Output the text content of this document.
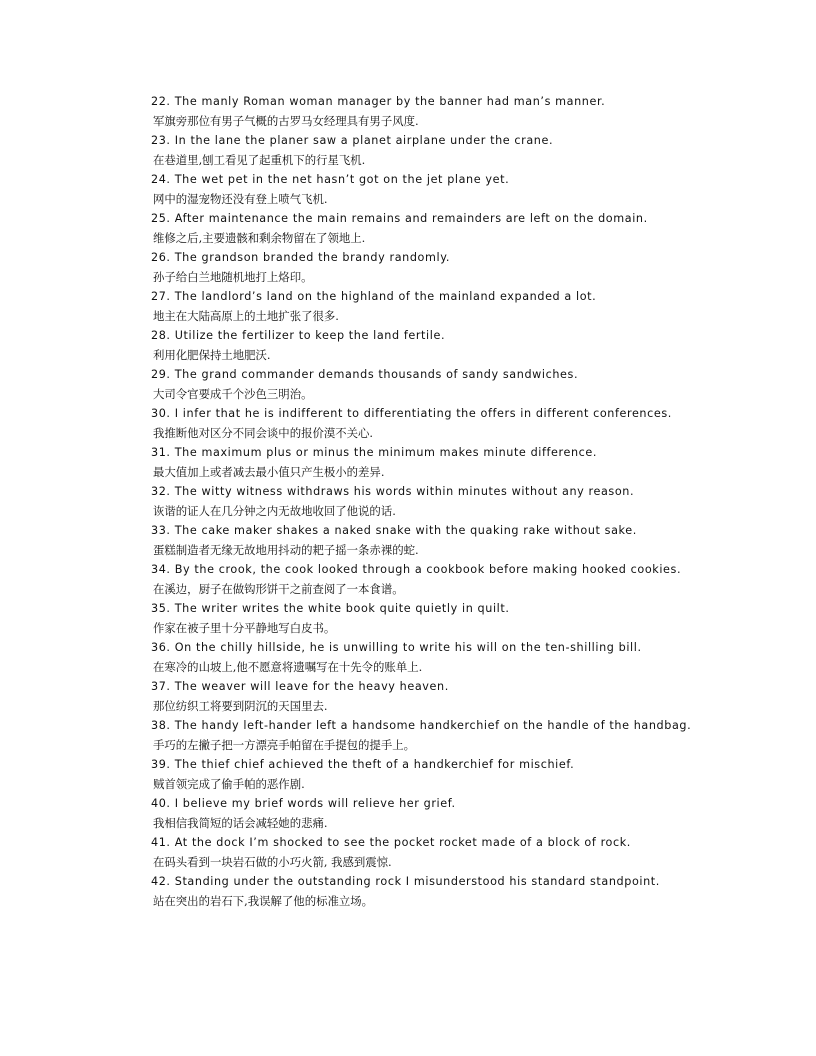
22. The manly Roman woman manager by the banner had man’s manner.
军旗旁那位有男子气概的古罗马女经理具有男子风度.
23. In the lane the planer saw a planet airplane under the crane.
在巷道里,刨工看见了起重机下的行星飞机.
24. The wet pet in the net hasn’t got on the jet plane yet.
网中的湿宠物还没有登上喷气飞机.
25. After maintenance the main remains and remainders are left on the domain.
维修之后,主要遗骸和剩余物留在了领地上.
26. The grandson branded the brandy randomly.
孙子给白兰地随机地打上烙印。
27. The landlord’s land on the highland of the mainland expanded a lot.
地主在大陆高原上的土地扩张了很多.
28. Utilize the fertilizer to keep the land fertile.
利用化肥保持土地肥沃.
29. The grand commander demands thousands of sandy sandwiches.
大司令官要成千个沙色三明治。
30. I infer that he is indifferent to differentiating the offers in different conferences.
我推断他对区分不同会谈中的报价漠不关心.
31. The maximum plus or minus the minimum makes minute difference.
最大值加上或者减去最小值只产生极小的差异.
32. The witty witness withdraws his words within minutes without any reason.
诙谐的证人在几分钟之内无故地收回了他说的话.
33. The cake maker shakes a naked snake with the quaking rake without sake.
蛋糕制造者无缘无故地用抖动的耙子摇一条赤裸的蛇.
34. By the crook, the cook looked through a cookbook before making hooked cookies.
在溪边，厨子在做钩形饼干之前查阅了一本食谱。
35. The writer writes the white book quite quietly in quilt.
作家在被子里十分平静地写白皮书。
36. On the chilly hillside, he is unwilling to write his will on the ten-shilling bill.
在寒冷的山坡上,他不愿意将遗嘱写在十先令的账单上.
37. The weaver will leave for the heavy heaven.
那位纺织工将要到阴沉的天国里去.
38. The handy left-hander left a handsome handkerchief on the handle of the handbag.
手巧的左撇子把一方漂亮手帕留在手提包的提手上。
39. The thief chief achieved the theft of a handkerchief for mischief.
贼首领完成了偷手帕的恶作剧.
40. I believe my brief words will relieve her grief.
我相信我简短的话会减轻她的悲痛.
41. At the dock I’m shocked to see the pocket rocket made of a block of rock.
在码头看到一块岩石做的小巧火箭, 我感到震惊.
42. Standing under the outstanding rock I misunderstood his standard standpoint.
站在突出的岩石下,我误解了他的标准立场。
